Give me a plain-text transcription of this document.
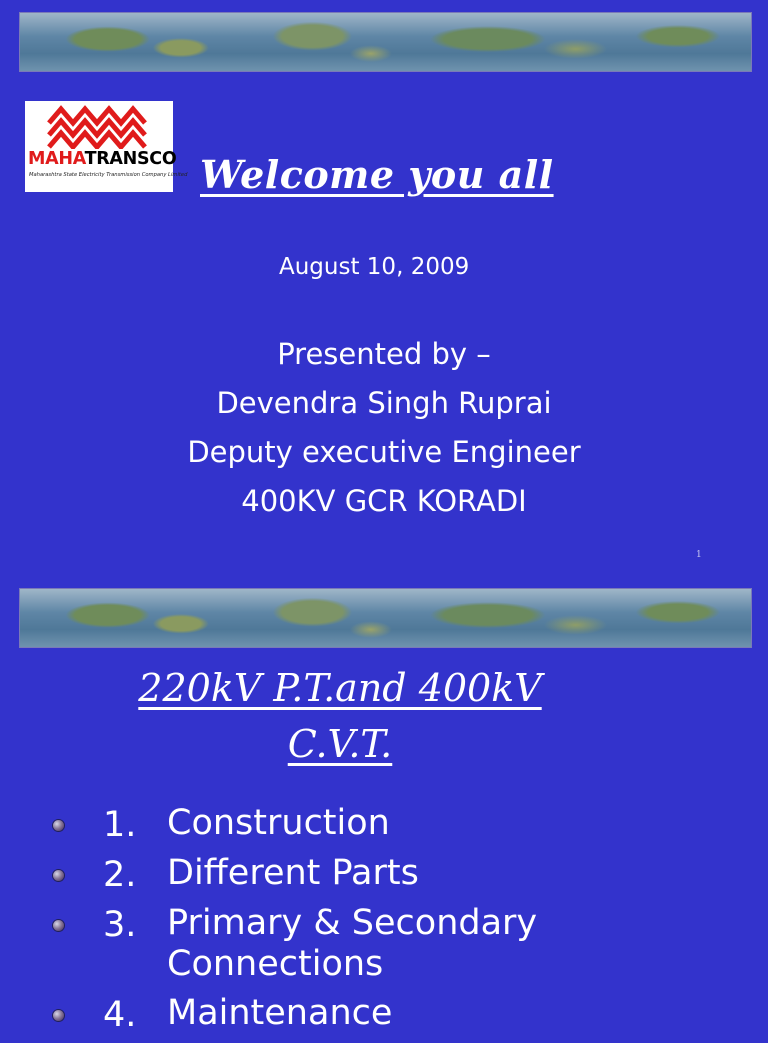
MAHATRANSCO
Maharashtra State Electricity Transmission Company Limited Welcome you all
August 10, 2009
Presented by –
Devendra Singh Ruprai
Deputy executive Engineer
400KV GCR KORADI
1
220kV P.T.and 400kV
C.V.T.
1. Construction
2. Different Parts
3. Primary & Secondary Connections
4. Maintenance
